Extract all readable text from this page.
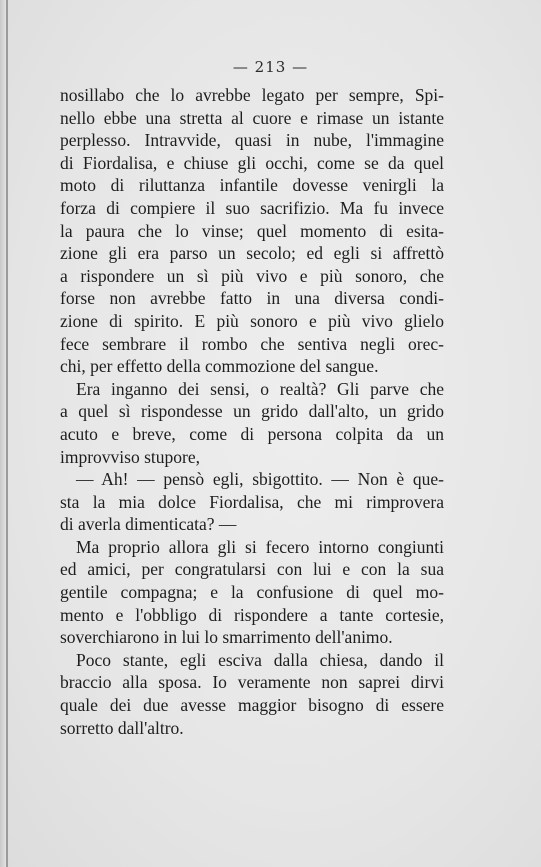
— 213 —
nosillabo che lo avrebbe legato per sempre, Spi-
nello ebbe una stretta al cuore e rimase un istante
perplesso. Intravvide, quasi in nube, l'immagine
di Fiordalisa, e chiuse gli occhi, come se da quel
moto di riluttanza infantile dovesse venirgli la
forza di compiere il suo sacrifizio. Ma fu invece
la paura che lo vinse; quel momento di esita-
zione gli era parso un secolo; ed egli si affrettò
a rispondere un sì più vivo e più sonoro, che
forse non avrebbe fatto in una diversa condi-
zione di spirito. E più sonoro e più vivo glielo
fece sembrare il rombo che sentiva negli orec-
chi, per effetto della commozione del sangue.
Era inganno dei sensi, o realtà? Gli parve che
a quel sì rispondesse un grido dall'alto, un grido
acuto e breve, come di persona colpita da un
improvviso stupore,
— Ah! — pensò egli, sbigottito. — Non è que-
sta la mia dolce Fiordalisa, che mi rimprovera
di averla dimenticata? —
Ma proprio allora gli si fecero intorno congiunti
ed amici, per congratularsi con lui e con la sua
gentile compagna; e la confusione di quel mo-
mento e l'obbligo di rispondere a tante cortesie,
soverchiarono in lui lo smarrimento dell'animo.
Poco stante, egli esciva dalla chiesa, dando il
braccio alla sposa. Io veramente non saprei dirvi
quale dei due avesse maggior bisogno di essere
sorretto dall'altro.
